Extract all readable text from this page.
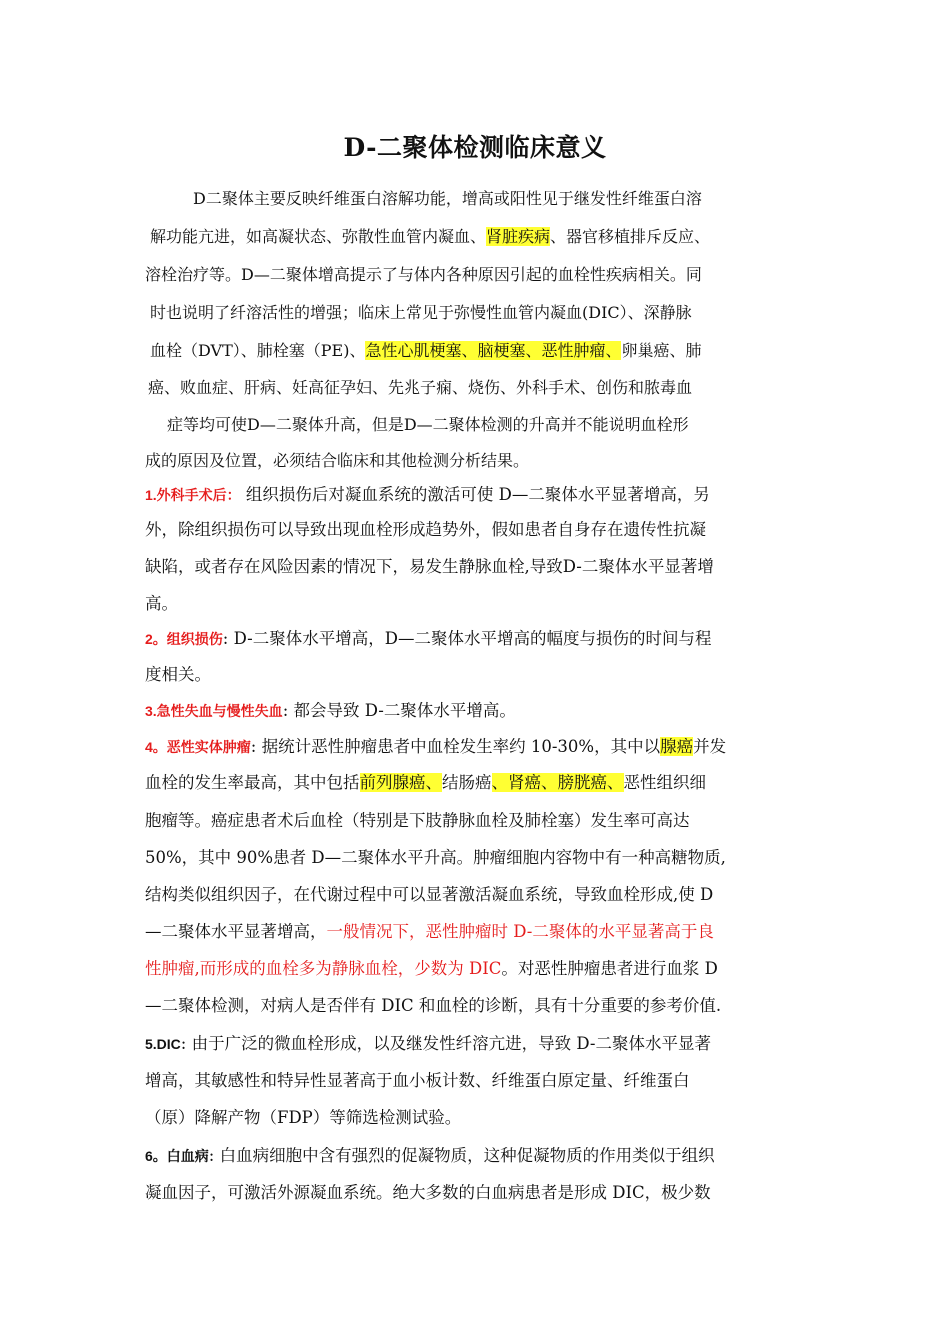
D-二聚体检测临床意义
D二聚体主要反映纤维蛋白溶解功能，增高或阳性见于继发性纤维蛋白溶
解功能亢进，如高凝状态、弥散性血管内凝血、肾脏疾病、器官移植排斥反应、
溶栓治疗等。D—二聚体增高提示了与体内各种原因引起的血栓性疾病相关。同
时也说明了纤溶活性的增强；临床上常见于弥慢性血管内凝血(DIC）、深静脉
血栓（DVT）、肺栓塞（PE)、急性心肌梗塞、脑梗塞、恶性肿瘤、卵巢癌、肺
癌、败血症、肝病、妊高征孕妇、先兆子痫、烧伤、外科手术、创伤和脓毒血
症等均可使D—二聚体升高，但是D—二聚体检测的升高并不能说明血栓形
成的原因及位置，必须结合临床和其他检测分析结果。
1.外科手术后： 组织损伤后对凝血系统的激活可使 D—二聚体水平显著增高，另
外，除组织损伤可以导致出现血栓形成趋势外，假如患者自身存在遗传性抗凝
缺陷，或者存在风险因素的情况下，易发生静脉血栓,导致D-二聚体水平显著增
高。
2。组织损伤: D-二聚体水平增高，D—二聚体水平增高的幅度与损伤的时间与程
度相关。
3.急性失血与慢性失血: 都会导致 D-二聚体水平增高。
4。恶性实体肿瘤: 据统计恶性肿瘤患者中血栓发生率约 10-30%，其中以腺癌并发
血栓的发生率最高，其中包括前列腺癌、结肠癌、肾癌、膀胱癌、恶性组织细
胞瘤等。癌症患者术后血栓（特别是下肢静脉血栓及肺栓塞）发生率可高达
50%，其中 90%患者 D—二聚体水平升高。肿瘤细胞内容物中有一种高糖物质,
结构类似组织因子，在代谢过程中可以显著激活凝血系统，导致血栓形成,使 D
—二聚体水平显著增高，一般情况下，恶性肿瘤时 D-二聚体的水平显著高于良
性肿瘤,而形成的血栓多为静脉血栓，少数为 DIC。对恶性肿瘤患者进行血浆 D
—二聚体检测，对病人是否伴有 DIC 和血栓的诊断，具有十分重要的参考价值.
5.DIC: 由于广泛的微血栓形成，以及继发性纤溶亢进，导致 D-二聚体水平显著
增高，其敏感性和特异性显著高于血小板计数、纤维蛋白原定量、纤维蛋白
（原）降解产物（FDP）等筛选检测试验。
6。白血病: 白血病细胞中含有强烈的促凝物质，这种促凝物质的作用类似于组织
凝血因子，可激活外源凝血系统。绝大多数的白血病患者是形成 DIC，极少数
